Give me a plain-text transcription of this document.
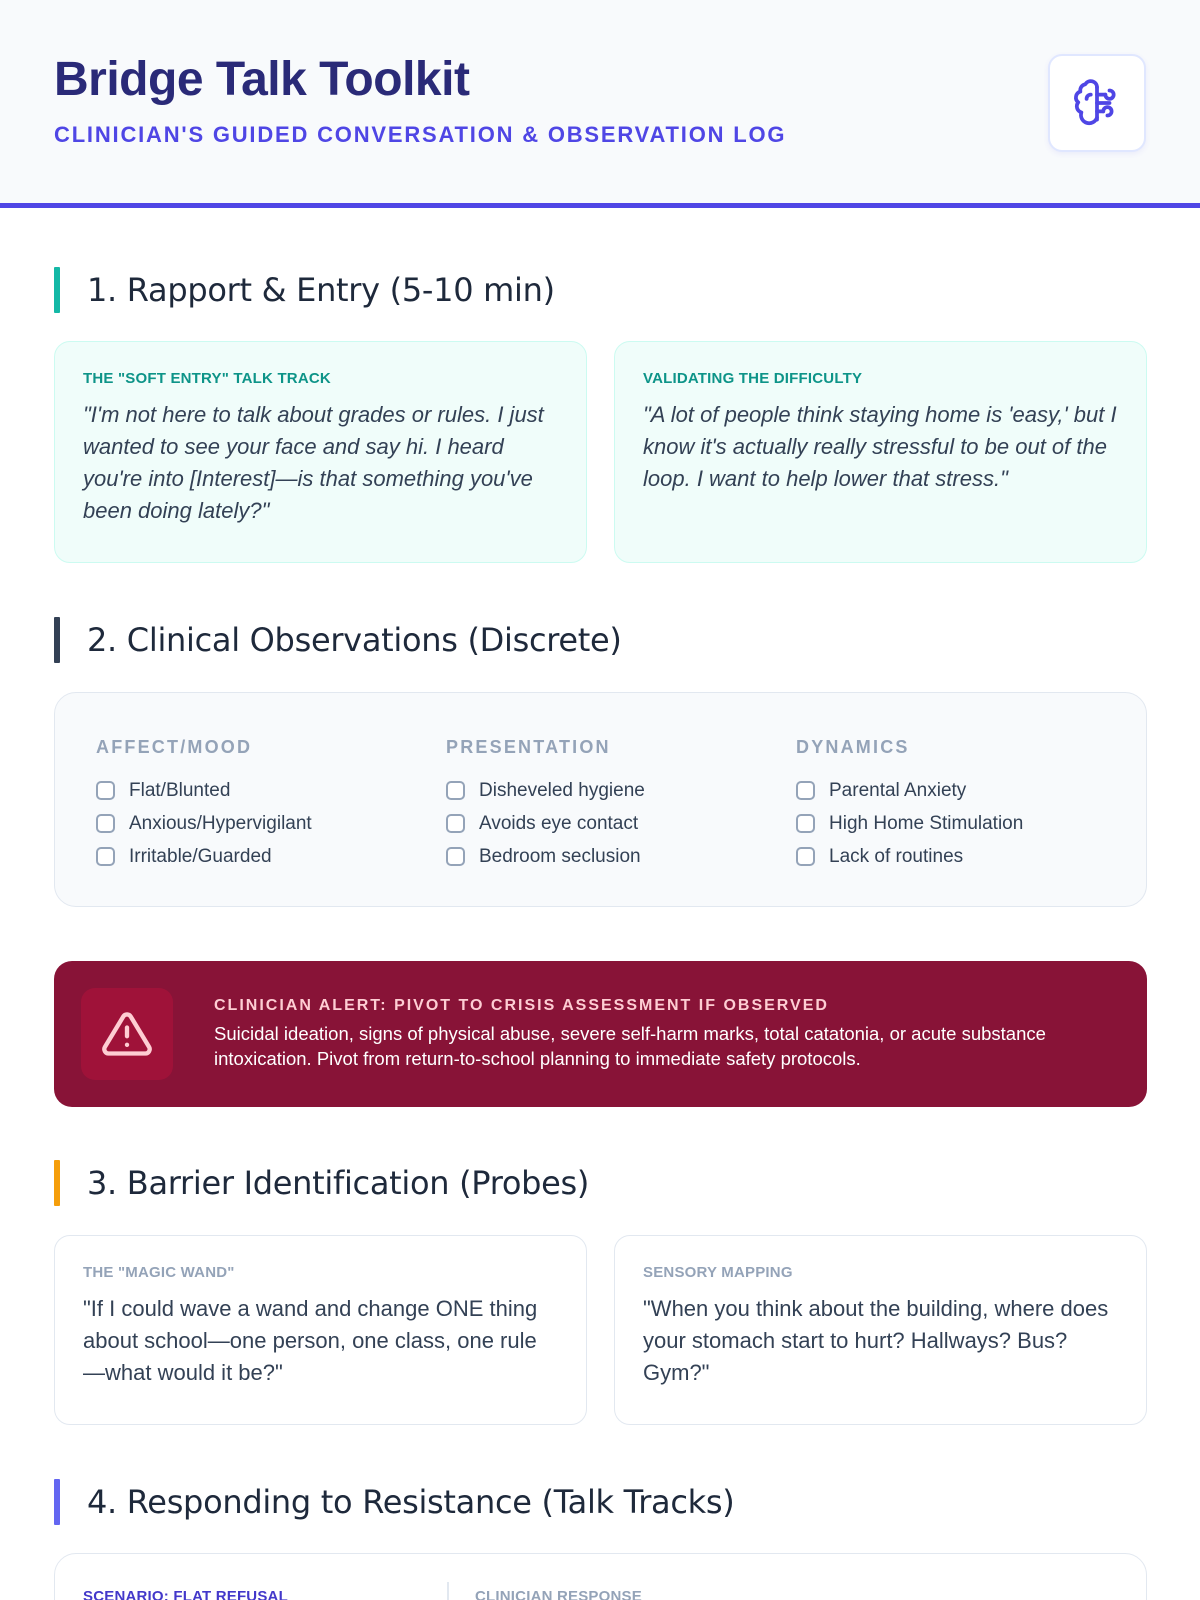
Bridge Talk Toolkit
CLINICIAN'S GUIDED CONVERSATION & OBSERVATION LOG
1. Rapport & Entry (5-10 min)
THE "SOFT ENTRY" TALK TRACK
"I'm not here to talk about grades or rules. I just wanted to see your face and say hi. I heard you're into [Interest]—is that something you've been doing lately?"
VALIDATING THE DIFFICULTY
"A lot of people think staying home is 'easy,' but I know it's actually really stressful to be out of the loop. I want to help lower that stress."
2. Clinical Observations (Discrete)
AFFECT/MOOD
Flat/Blunted
Anxious/Hypervigilant
Irritable/Guarded
PRESENTATION
Disheveled hygiene
Avoids eye contact
Bedroom seclusion
DYNAMICS
Parental Anxiety
High Home Stimulation
Lack of routines
CLINICIAN ALERT: PIVOT TO CRISIS ASSESSMENT IF OBSERVED
Suicidal ideation, signs of physical abuse, severe self-harm marks, total catatonia, or acute substance intoxication. Pivot from return-to-school planning to immediate safety protocols.
3. Barrier Identification (Probes)
THE "MAGIC WAND"
"If I could wave a wand and change ONE thing about school—one person, one class, one rule—what would it be?"
SENSORY MAPPING
"When you think about the building, where does your stomach start to hurt? Hallways? Bus? Gym?"
4. Responding to Resistance (Talk Tracks)
SCENARIO: FLAT REFUSAL	CLINICIAN RESPONSE
